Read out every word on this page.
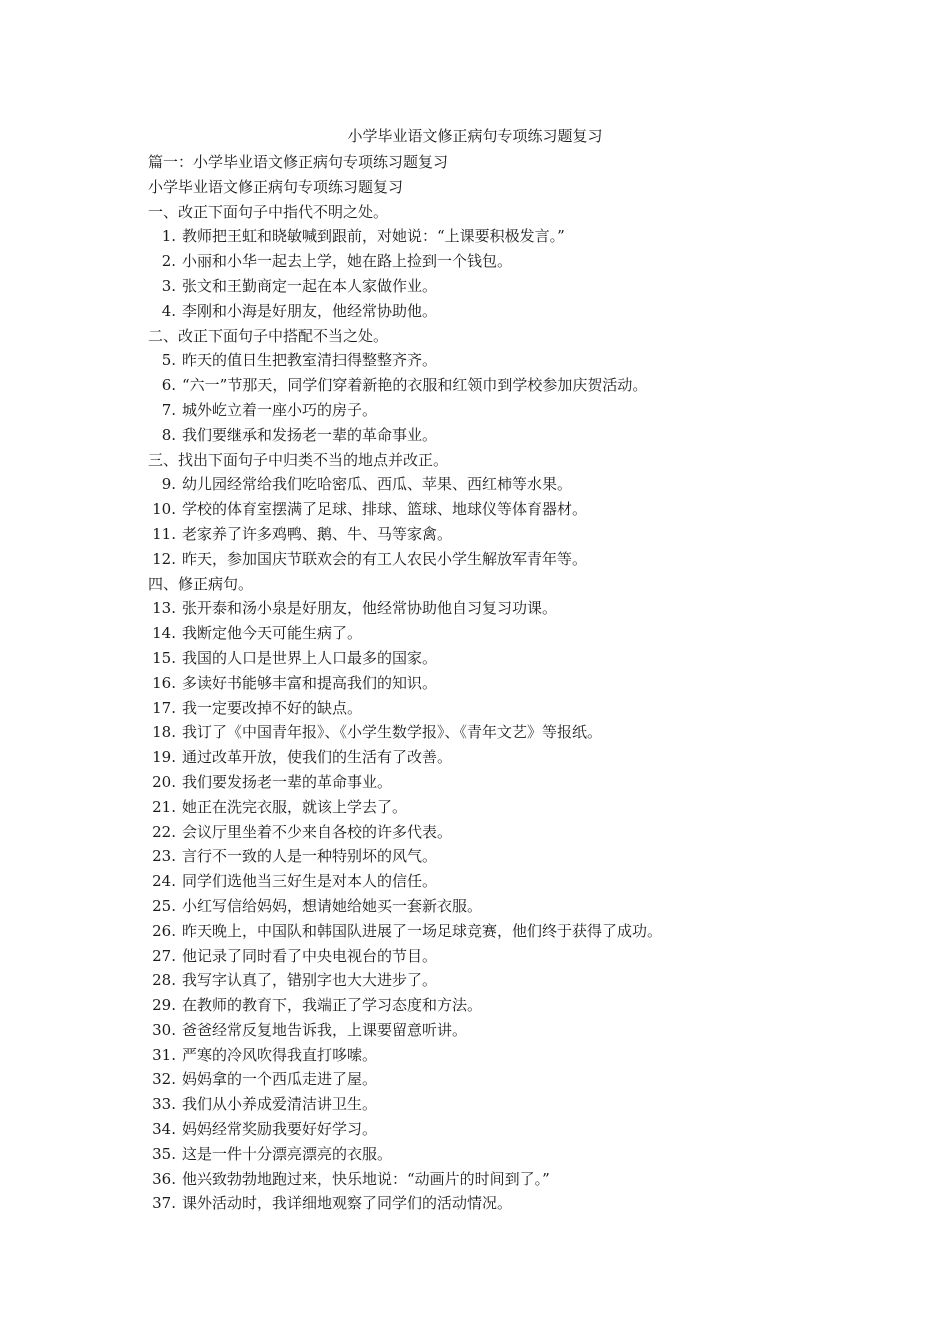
小学毕业语文修正病句专项练习题复习
篇一：小学毕业语文修正病句专项练习题复习
小学毕业语文修正病句专项练习题复习
一、改正下面句子中指代不明之处。
1. 教师把王虹和晓敏喊到跟前，对她说：“上课要积极发言。”
2. 小丽和小华一起去上学，她在路上捡到一个钱包。
3. 张文和王勤商定一起在本人家做作业。
4. 李刚和小海是好朋友，他经常协助他。
二、改正下面句子中搭配不当之处。
5. 昨天的值日生把教室清扫得整整齐齐。
6. “六一”节那天，同学们穿着新艳的衣服和红领巾到学校参加庆贺活动。
7. 城外屹立着一座小巧的房子。
8. 我们要继承和发扬老一辈的革命事业。
三、找出下面句子中归类不当的地点并改正。
9. 幼儿园经常给我们吃哈密瓜、西瓜、苹果、西红柿等水果。
10. 学校的体育室摆满了足球、排球、篮球、地球仪等体育器材。
11. 老家养了许多鸡鸭、鹅、牛、马等家禽。
12. 昨天，参加国庆节联欢会的有工人农民小学生解放军青年等。
四、修正病句。
13. 张开泰和汤小泉是好朋友，他经常协助他自习复习功课。
14. 我断定他今天可能生病了。
15. 我国的人口是世界上人口最多的国家。
16. 多读好书能够丰富和提高我们的知识。
17. 我一定要改掉不好的缺点。
18. 我订了《中国青年报》、《小学生数学报》、《青年文艺》等报纸。
19. 通过改革开放，使我们的生活有了改善。
20. 我们要发扬老一辈的革命事业。
21. 她正在洗完衣服，就该上学去了。
22. 会议厅里坐着不少来自各校的许多代表。
23. 言行不一致的人是一种特别坏的风气。
24. 同学们选他当三好生是对本人的信任。
25. 小红写信给妈妈，想请她给她买一套新衣服。
26. 昨天晚上，中国队和韩国队进展了一场足球竞赛，他们终于获得了成功。
27. 他记录了同时看了中央电视台的节目。
28. 我写字认真了，错别字也大大进步了。
29. 在教师的教育下，我端正了学习态度和方法。
30. 爸爸经常反复地告诉我，上课要留意听讲。
31. 严寒的冷风吹得我直打哆嗦。
32. 妈妈拿的一个西瓜走进了屋。
33. 我们从小养成爱清洁讲卫生。
34. 妈妈经常奖励我要好好学习。
35. 这是一件十分漂亮漂亮的衣服。
36. 他兴致勃勃地跑过来，快乐地说：“动画片的时间到了。”
37. 课外活动时，我详细地观察了同学们的活动情况。
